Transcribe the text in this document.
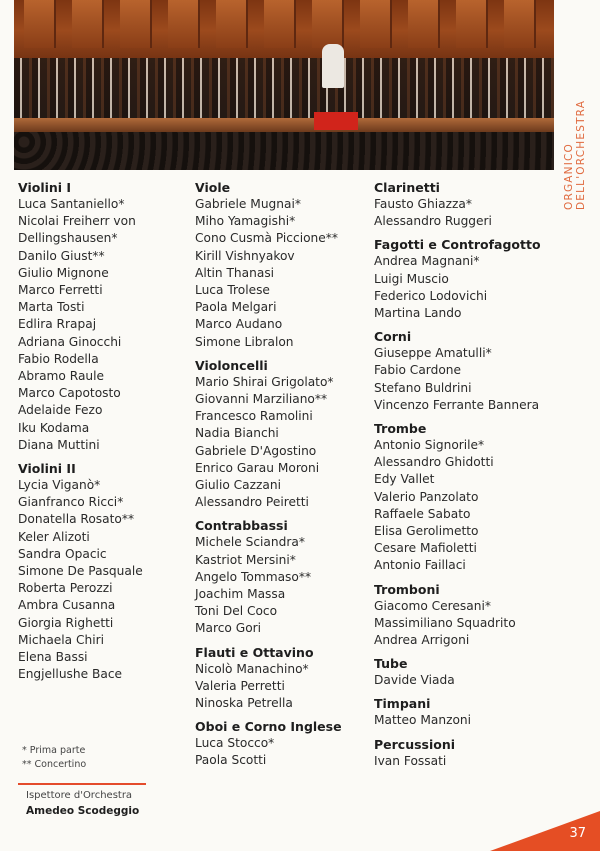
ORGANICO DELL'ORCHESTRA
Violini I
Luca Santaniello*
Nicolai Freiherr von
Dellingshausen*
Danilo Giust**
Giulio Mignone
Marco Ferretti
Marta Tosti
Edlira Rrapaj
Adriana Ginocchi
Fabio Rodella
Abramo Raule
Marco Capotosto
Adelaide Fezo
Iku Kodama
Diana Muttini
Violini II
Lycia Viganò*
Gianfranco Ricci*
Donatella Rosato**
Keler Alizoti
Sandra Opacic
Simone De Pasquale
Roberta Perozzi
Ambra Cusanna
Giorgia Righetti
Michaela Chiri
Elena Bassi
Engjellushe Bace
Viole
Gabriele Mugnai*
Miho Yamagishi*
Cono Cusmà Piccione**
Kirill Vishnyakov
Altin Thanasi
Luca Trolese
Paola Melgari
Marco Audano
Simone Libralon
Violoncelli
Mario Shirai Grigolato*
Giovanni Marziliano**
Francesco Ramolini
Nadia Bianchi
Gabriele D'Agostino
Enrico Garau Moroni
Giulio Cazzani
Alessandro Peiretti
Contrabbassi
Michele Sciandra*
Kastriot Mersini*
Angelo Tommaso**
Joachim Massa
Toni Del Coco
Marco Gori
Flauti e Ottavino
Nicolò Manachino*
Valeria Perretti
Ninoska Petrella
Oboi e Corno Inglese
Luca Stocco*
Paola Scotti
Clarinetti
Fausto Ghiazza*
Alessandro Ruggeri
Fagotti e Controfagotto
Andrea Magnani*
Luigi Muscio
Federico Lodovichi
Martina Lando
Corni
Giuseppe Amatulli*
Fabio Cardone
Stefano Buldrini
Vincenzo Ferrante Bannera
Trombe
Antonio Signorile*
Alessandro Ghidotti
Edy Vallet
Valerio Panzolato
Raffaele Sabato
Elisa Gerolimetto
Cesare Mafioletti
Antonio Faillaci
Tromboni
Giacomo Ceresani*
Massimiliano Squadrito
Andrea Arrigoni
Tube
Davide Viada
Timpani
Matteo Manzoni
Percussioni
Ivan Fossati
* Prima parte
** Concertino
Ispettore d'Orchestra
Amedeo Scodeggio
37
